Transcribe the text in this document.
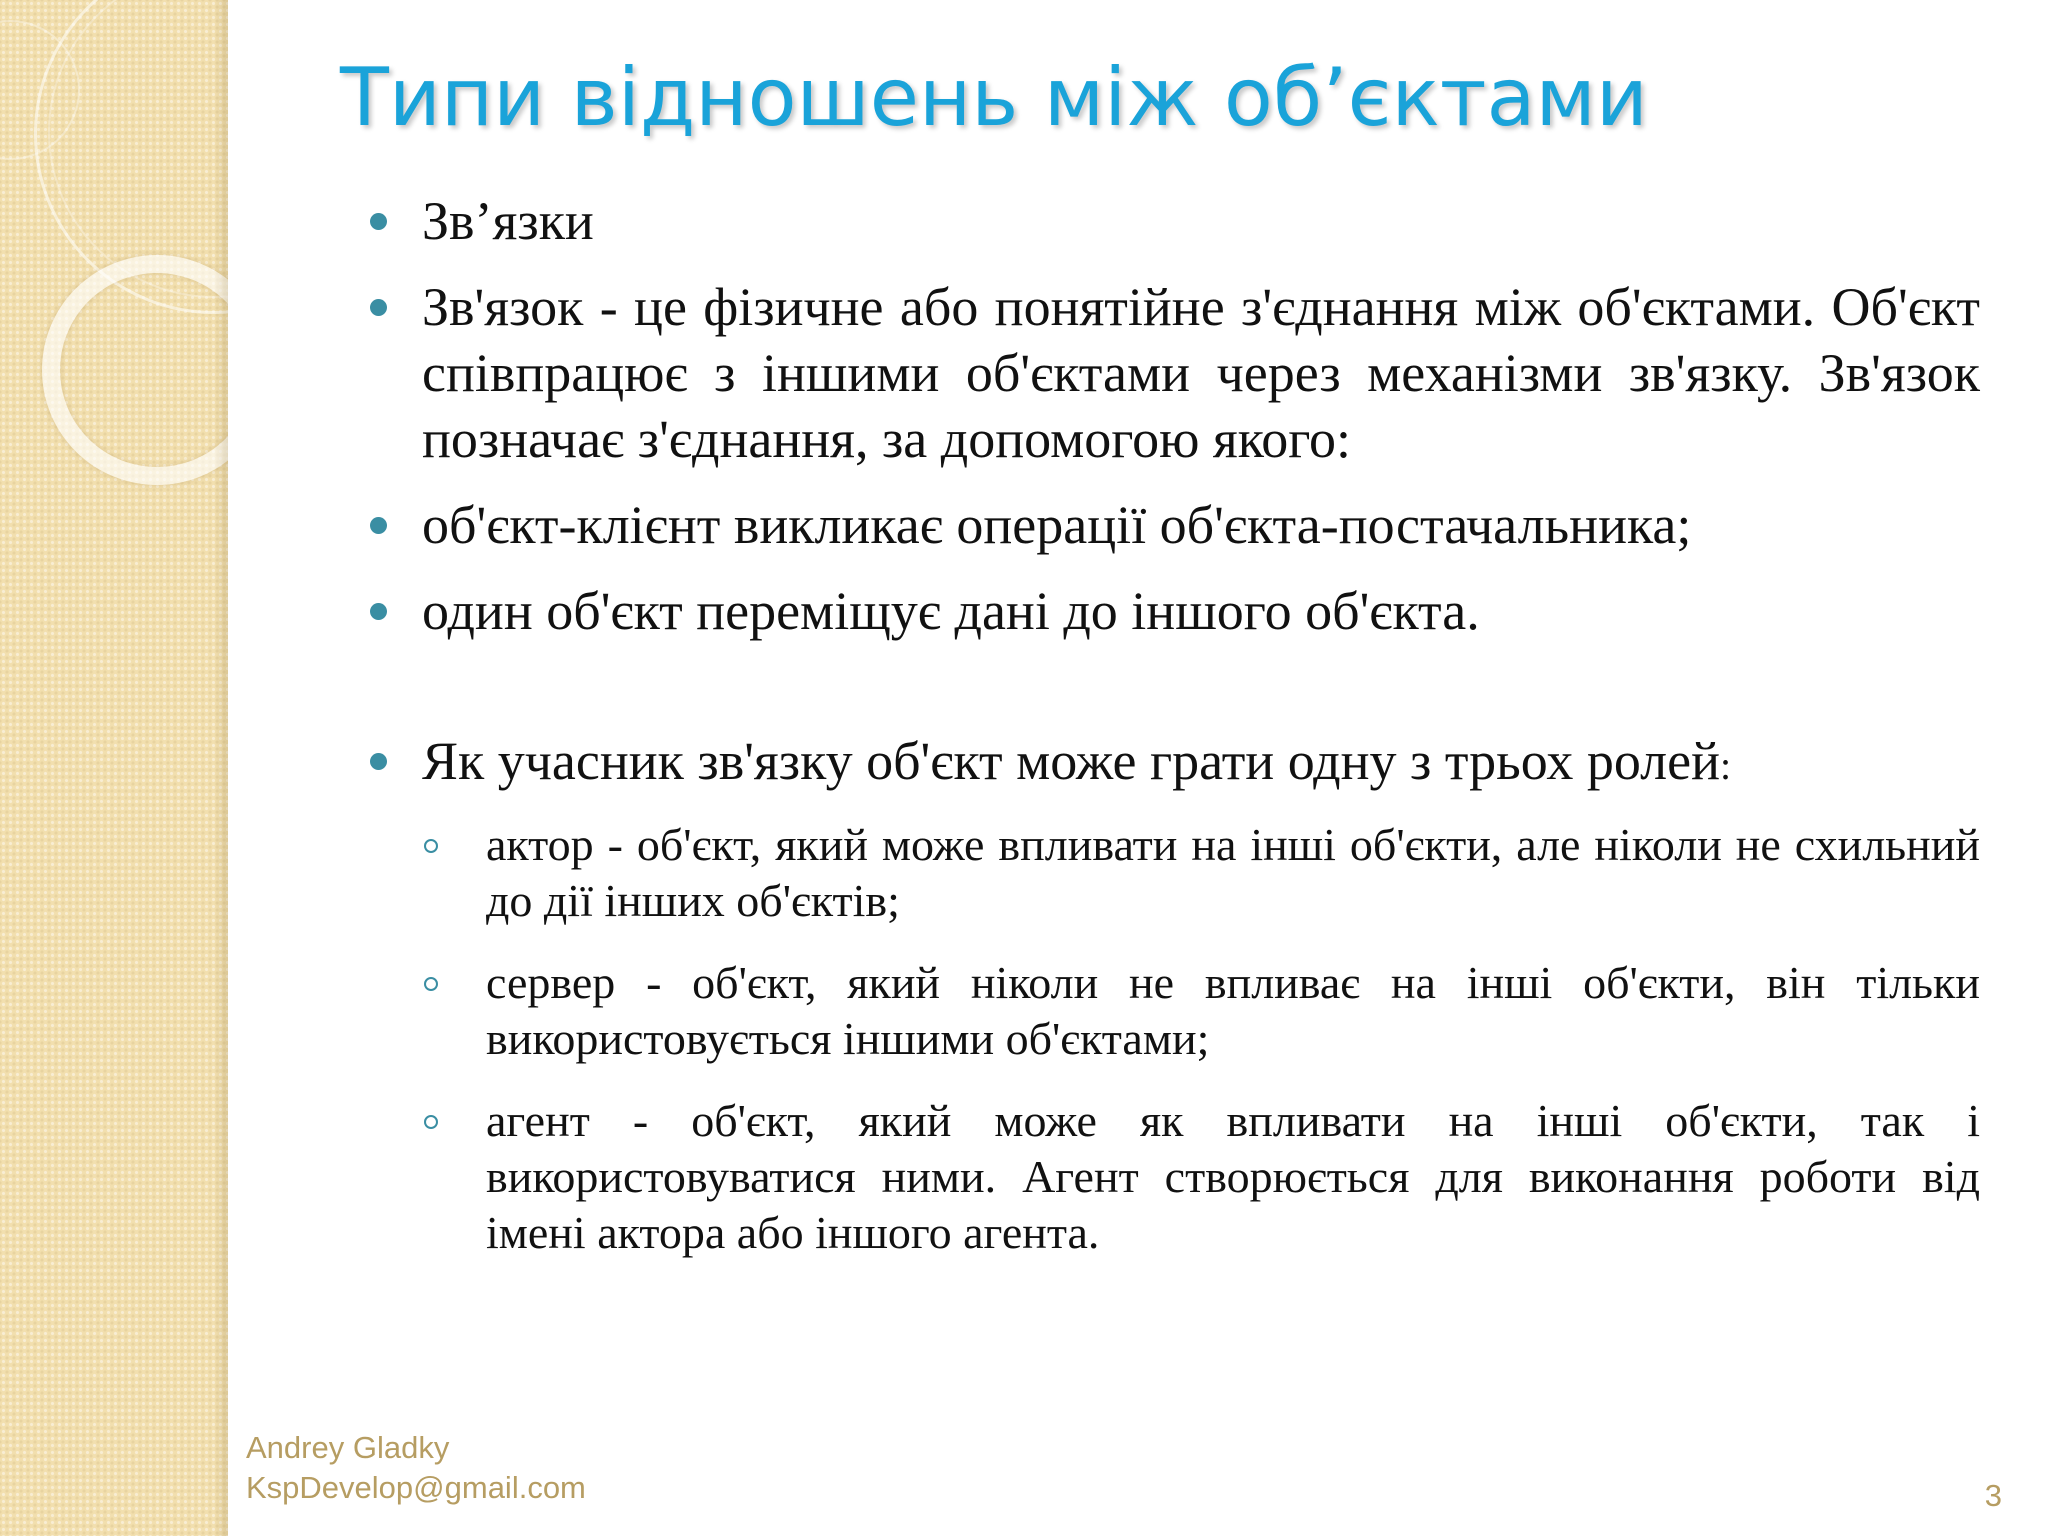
Типи відношень між об’єктами
Зв’язки
Зв'язок - це фізичне або понятійне з'єднання між об'єктами. Об'єкт співпрацює з іншими об'єктами через механізми зв'язку. Зв'язок позначає з'єднання, за допомогою якого:
об'єкт-клієнт викликає операції об'єкта-постачальника;
один об'єкт переміщує дані до іншого об'єкта.
Як учасник зв'язку об'єкт може грати одну з трьох ролей:
актор - об'єкт, який може впливати на інші об'єкти, але ніколи не схильний до дії інших об'єктів;
сервер - об'єкт, який ніколи не впливає на інші об'єкти, він тільки використовується іншими об'єктами;
агент - об'єкт, який може як впливати на інші об'єкти, так і використовуватися ними. Агент створюється для виконання роботи від імені актора або іншого агента.
Andrey Gladky
KspDevelop@gmail.com	3
